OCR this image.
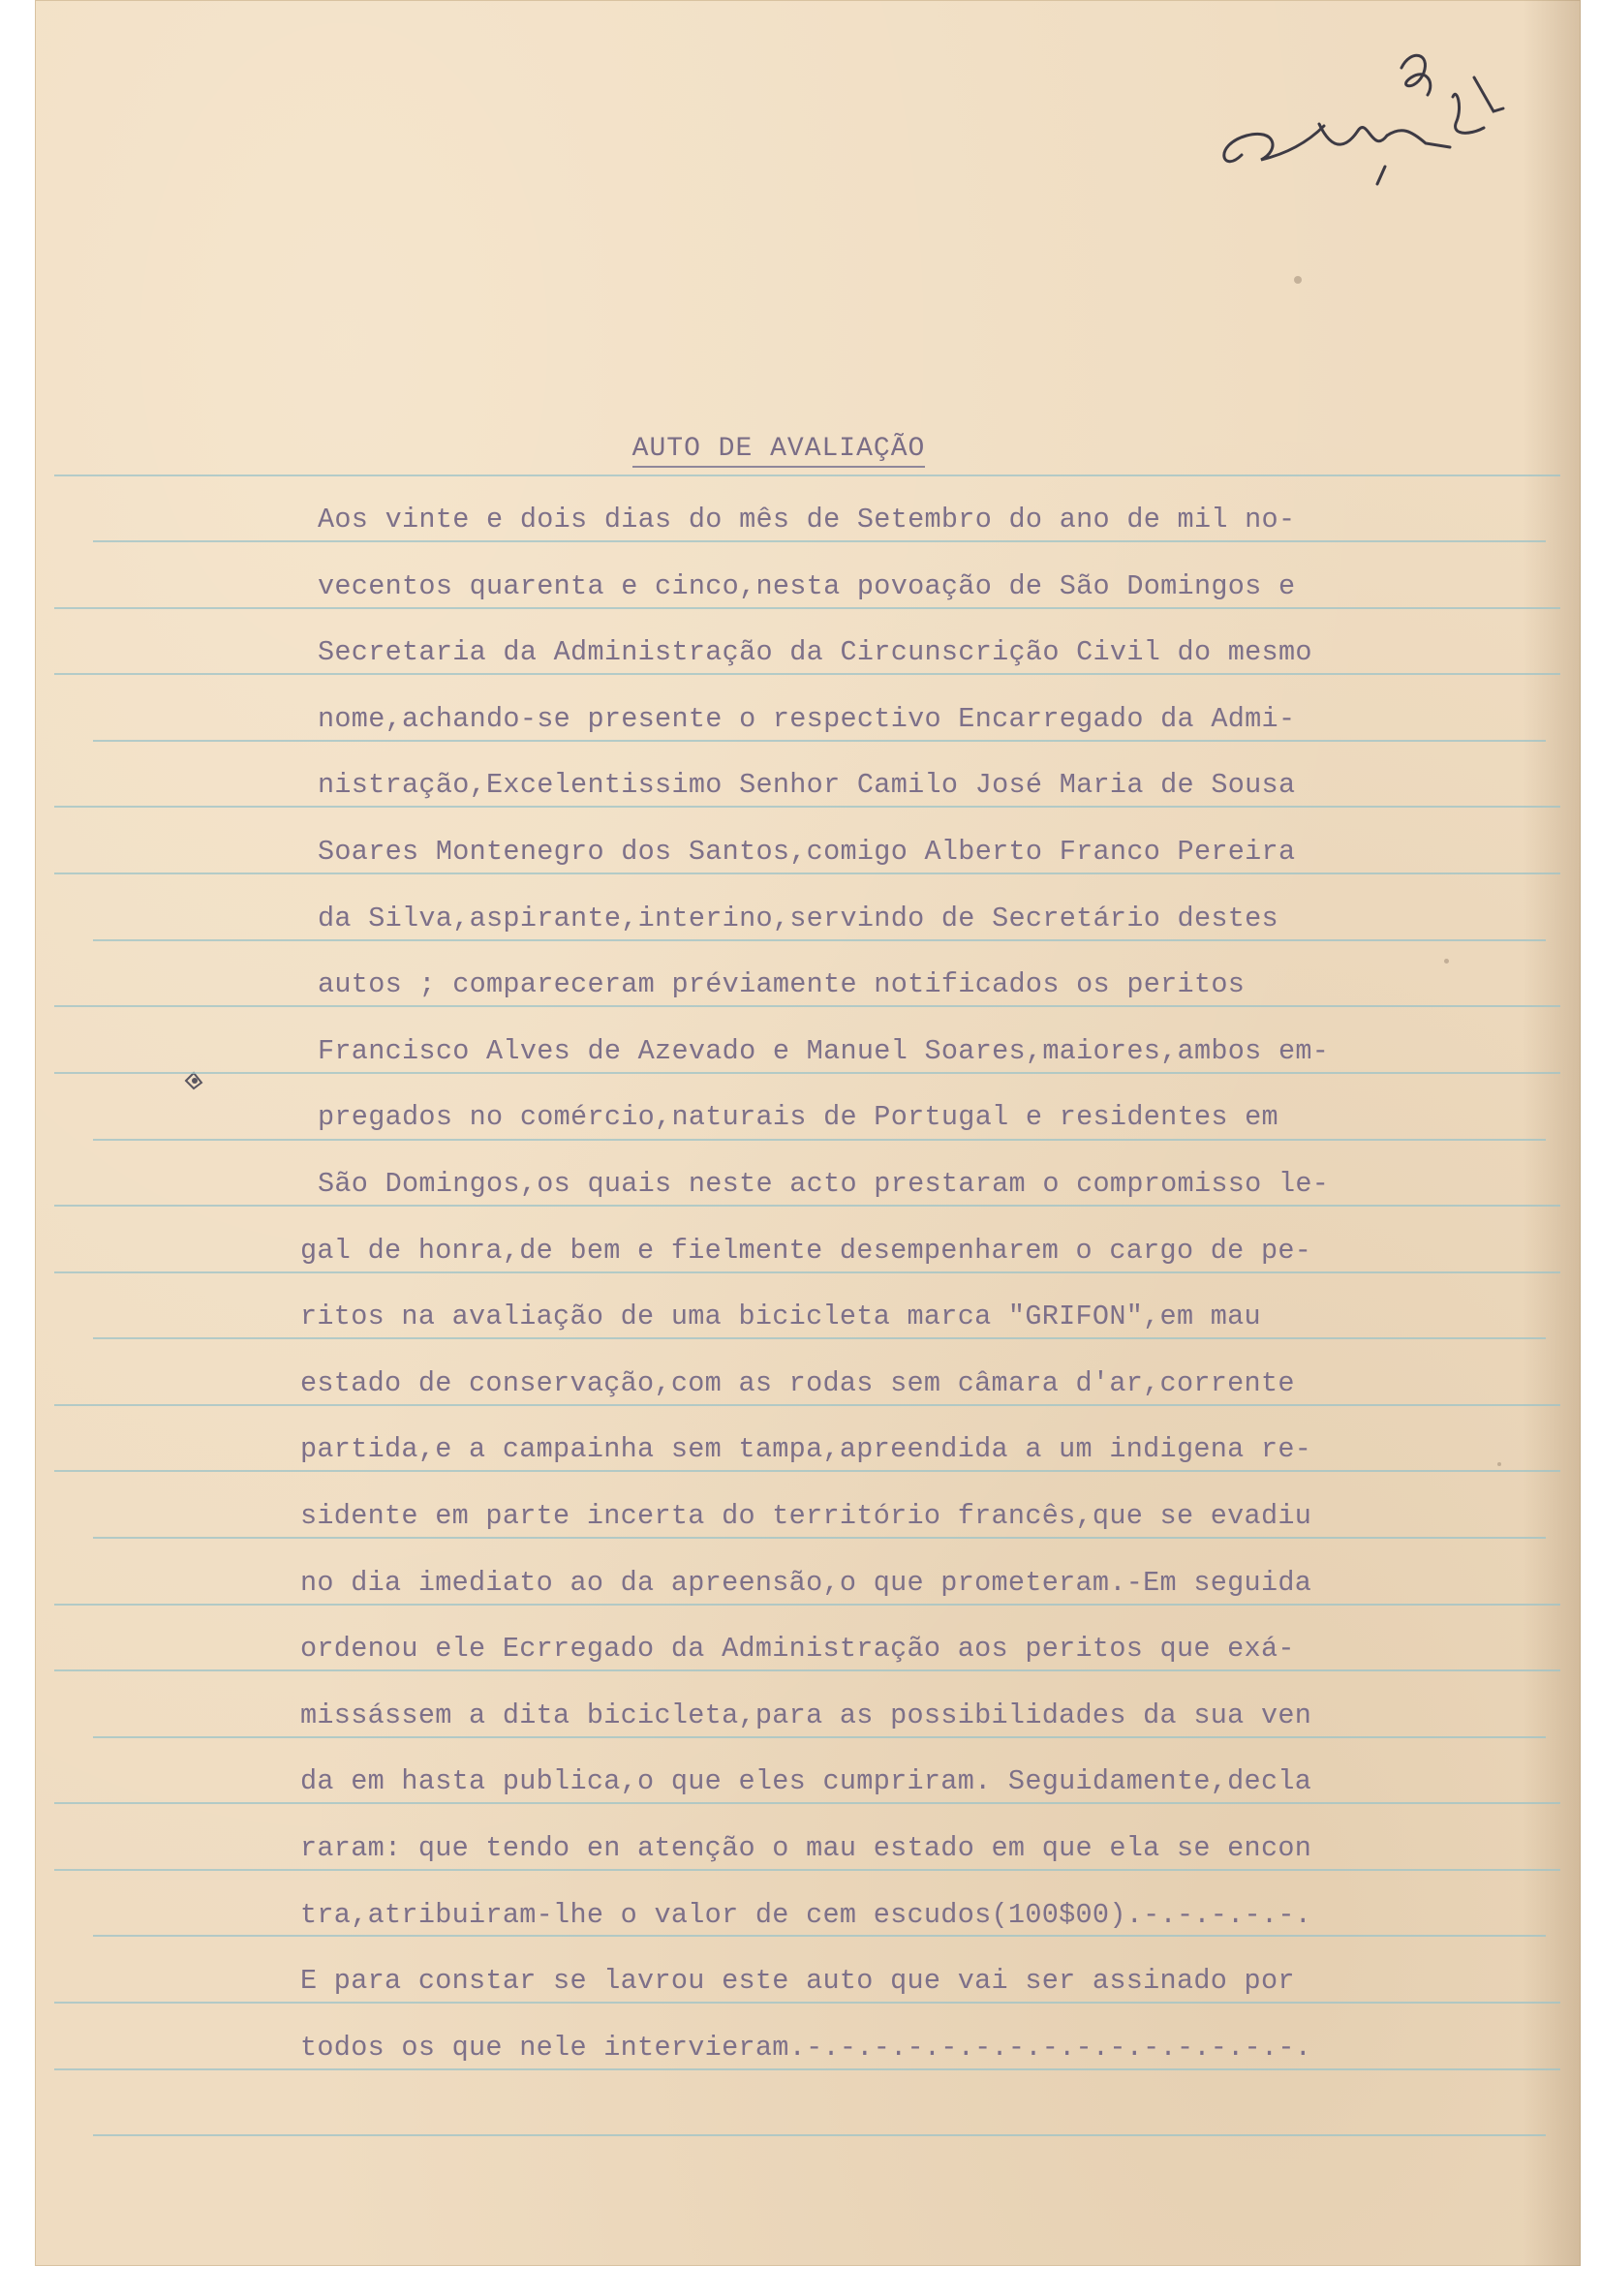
AUTO DE AVALIAÇÃO
Aos vinte e dois dias do mês de Setembro do ano de mil no-
vecentos quarenta e cinco,nesta povoação de São Domingos e
Secretaria da Administração da Circunscrição Civil do mesmo
nome,achando-se presente o respectivo Encarregado da Admi-
nistração,Excelentissimo Senhor Camilo José Maria de Sousa
Soares Montenegro dos Santos,comigo Alberto Franco Pereira
da Silva,aspirante,interino,servindo de Secretário destes
autos ; compareceram préviamente notificados os peritos
Francisco Alves de Azevado e Manuel Soares,maiores,ambos em-
pregados no comércio,naturais de Portugal e residentes em
São Domingos,os quais neste acto prestaram o compromisso le-
gal de honra,de bem e fielmente desempenharem o cargo de pe-
ritos na avaliação de uma bicicleta marca "GRIFON",em mau
estado de conservação,com as rodas sem câmara d'ar,corrente
partida,e a campainha sem tampa,apreendida a um indigena re-
sidente em parte incerta do território francês,que se evadiu
no dia imediato ao da apreensão,o que prometeram.-Em seguida
ordenou ele Ecrregado da Administração aos peritos que exá-
missássem a dita bicicleta,para as possibilidades da sua ven
da em hasta publica,o que eles cumpriram. Seguidamente,decla
raram: que tendo en atenção o mau estado em que ela se encon
tra,atribuiram-lhe o valor de cem escudos(100$00).-.-.-.-.-.
E para constar se lavrou este auto que vai ser assinado por
todos os que nele intervieram.-.-.-.-.-.-.-.-.-.-.-.-.-.-.-.
